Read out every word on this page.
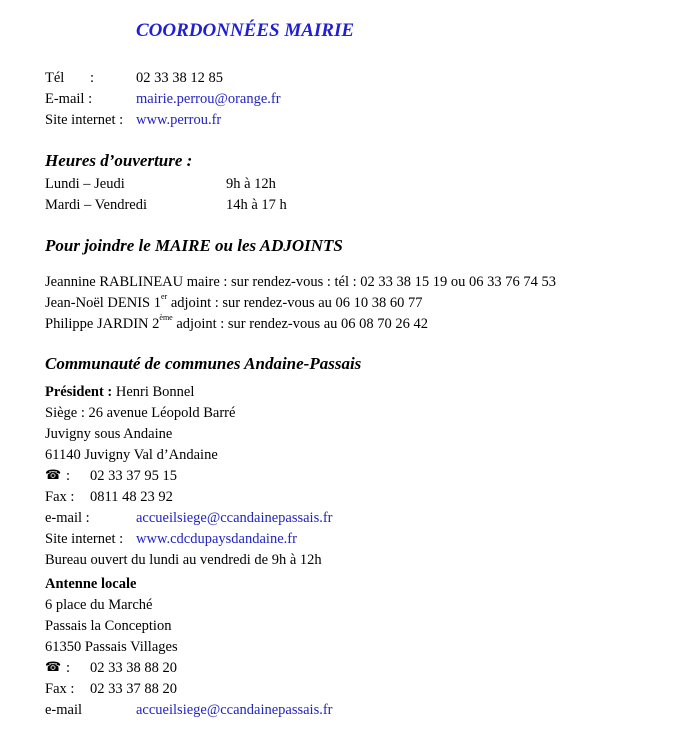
COORDONNÉES MAIRIE
Tél :	02 33 38 12 85
E-mail :	mairie.perrou@orange.fr
Site internet : www.perrou.fr
Heures d’ouverture :
Lundi – Jeudi	9h à 12h
Mardi – Vendredi	14h à 17 h
Pour joindre le MAIRE ou les ADJOINTS
Jeannine RABLINEAU maire : sur rendez-vous : tél : 02 33 38 15 19 ou 06 33 76 74 53
Jean-Noël DENIS 1er adjoint : sur rendez-vous au 06 10 38 60 77
Philippe JARDIN 2ème adjoint : sur rendez-vous au 06 08 70 26 42
Communauté de communes Andaine-Passais
Président : Henri Bonnel
Siège : 26 avenue Léopold Barré
Juvigny sous Andaine
61140 Juvigny Val d’Andaine
☎ : 02 33 37 95 15
Fax : 0811 48 23 92
e-mail :	accueilsiege@ccandainepassais.fr
Site internet : www.cdcdupaysdandaine.fr
Bureau ouvert du lundi au vendredi de 9h à 12h
Antenne locale
6 place du Marché
Passais la Conception
61350 Passais Villages
☎ : 02 33 38 88 20
Fax : 02 33 37 88 20
e-mail	accueilsiege@ccandainepassais.fr
